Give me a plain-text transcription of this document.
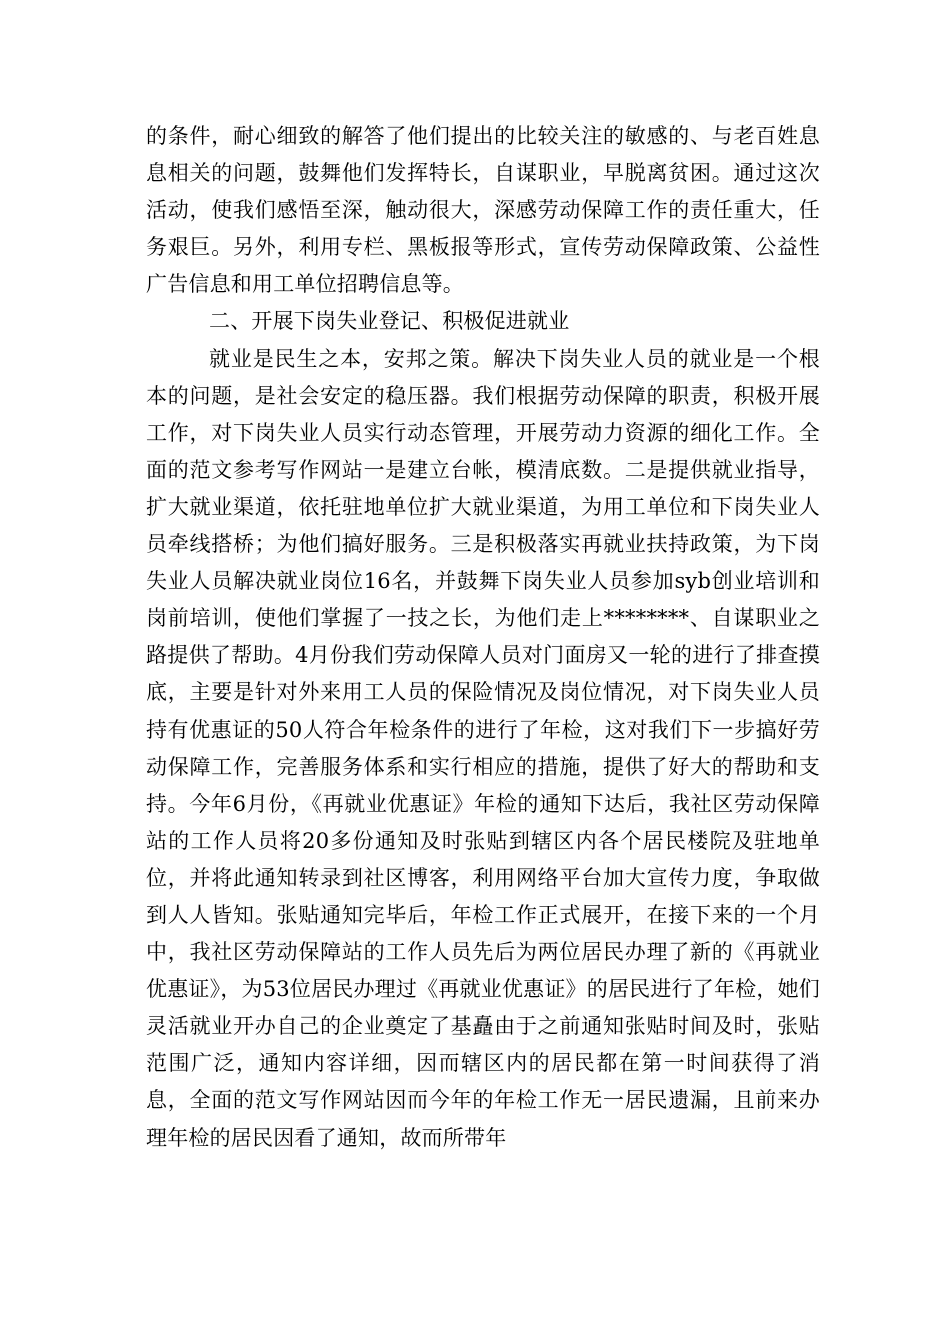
的条件，耐心细致的解答了他们提出的比较关注的敏感的、与老百姓息息相关的问题，鼓舞他们发挥特长，自谋职业，早脱离贫困。通过这次活动，使我们感悟至深，触动很大，深感劳动保障工作的责任重大，任务艰巨。另外，利用专栏、黑板报等形式，宣传劳动保障政策、公益性广告信息和用工单位招聘信息等。

二、开展下岗失业登记、积极促进就业

就业是民生之本，安邦之策。解决下岗失业人员的就业是一个根本的问题，是社会安定的稳压器。我们根据劳动保障的职责，积极开展工作，对下岗失业人员实行动态管理，开展劳动力资源的细化工作。全面的范文参考写作网站一是建立台帐，模清底数。二是提供就业指导，扩大就业渠道，依托驻地单位扩大就业渠道，为用工单位和下岗失业人员牵线搭桥；为他们搞好服务。三是积极落实再就业扶持政策，为下岗失业人员解决就业岗位16名，并鼓舞下岗失业人员参加syb创业培训和岗前培训，使他们掌握了一技之长，为他们走上********、自谋职业之路提供了帮助。4月份我们劳动保障人员对门面房又一轮的进行了排查摸底，主要是针对外来用工人员的保险情况及岗位情况，对下岗失业人员持有优惠证的50人符合年检条件的进行了年检，这对我们下一步搞好劳动保障工作，完善服务体系和实行相应的措施，提供了好大的帮助和支持。今年6月份，《再就业优惠证》年检的通知下达后，我社区劳动保障站的工作人员将20多份通知及时张贴到辖区内各个居民楼院及驻地单位，并将此通知转录到社区博客，利用网络平台加大宣传力度，争取做到人人皆知。张贴通知完毕后，年检工作正式展开，在接下来的一个月中，我社区劳动保障站的工作人员先后为两位居民办理了新的《再就业优惠证》，为53位居民办理过《再就业优惠证》的居民进行了年检，她们灵活就业开办自己的企业奠定了基矗由于之前通知张贴时间及时，张贴范围广泛，通知内容详细，因而辖区内的居民都在第一时间获得了消息，全面的范文写作网站因而今年的年检工作无一居民遗漏，且前来办理年检的居民因看了通知，故而所带年
